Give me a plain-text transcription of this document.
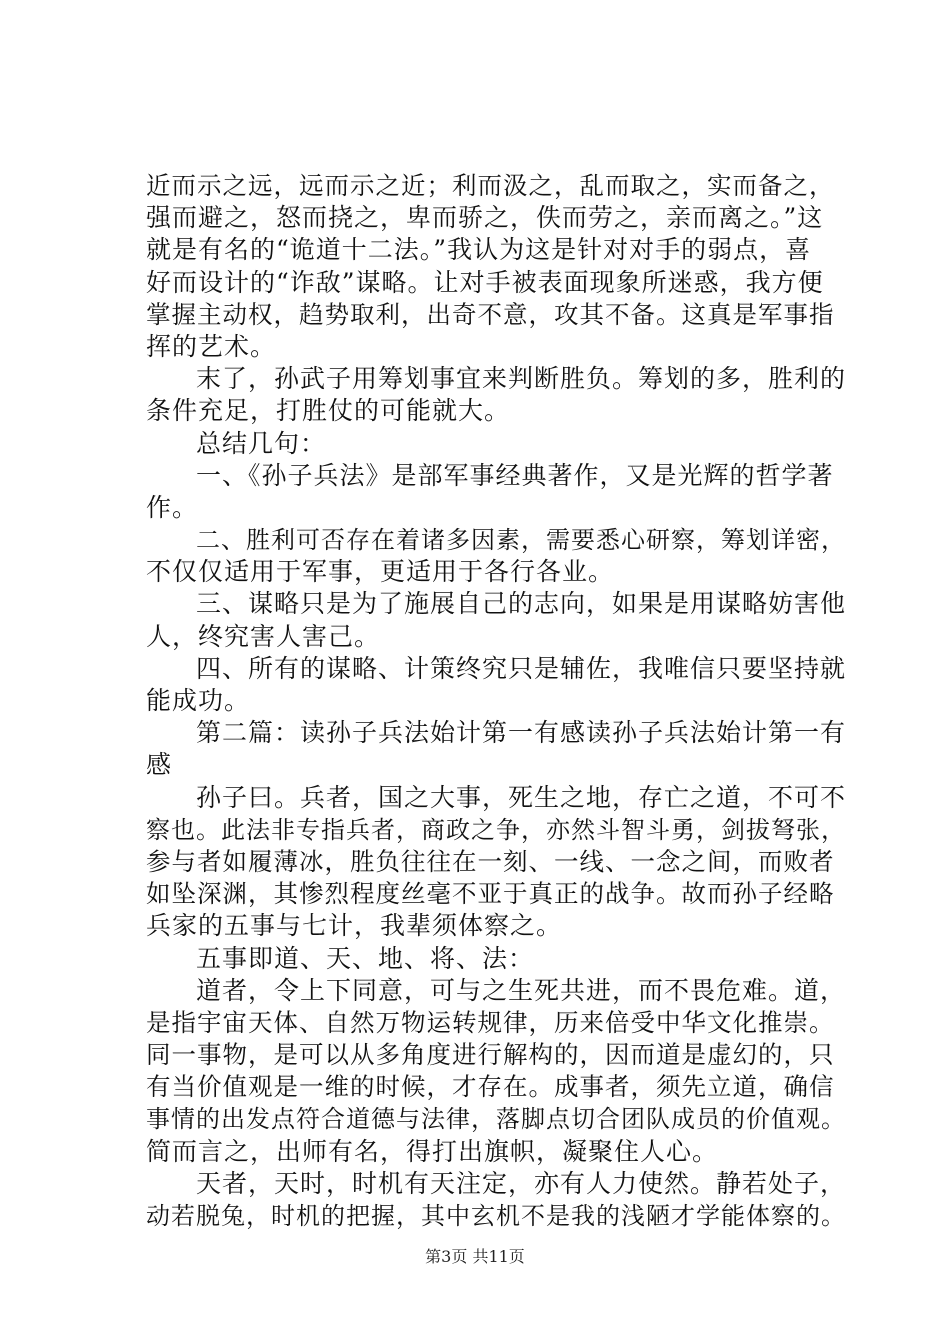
近而示之远，远而示之近；利而汲之，乱而取之，实而备之，
强而避之，怒而挠之，卑而骄之，佚而劳之，亲而离之。”这
就是有名的“诡道十二法。”我认为这是针对对手的弱点，喜
好而设计的“诈敌”谋略。让对手被表面现象所迷惑，我方便
掌握主动权，趋势取利，出奇不意，攻其不备。这真是军事指
挥的艺术。
末了，孙武子用筹划事宜来判断胜负。筹划的多，胜利的
条件充足，打胜仗的可能就大。
总结几句：
一、《孙子兵法》是部军事经典著作，又是光辉的哲学著
作。
二、胜利可否存在着诸多因素，需要悉心研察，筹划详密，
不仅仅适用于军事，更适用于各行各业。
三、谋略只是为了施展自己的志向，如果是用谋略妨害他
人，终究害人害己。
四、所有的谋略、计策终究只是辅佐，我唯信只要坚持就
能成功。
第二篇：读孙子兵法始计第一有感读孙子兵法始计第一有
感
孙子曰。兵者，国之大事，死生之地，存亡之道，不可不
察也。此法非专指兵者，商政之争，亦然斗智斗勇，剑拔弩张，
参与者如履薄冰，胜负往往在一刻、一线、一念之间，而败者
如坠深渊，其惨烈程度丝毫不亚于真正的战争。故而孙子经略
兵家的五事与七计，我辈须体察之。
五事即道、天、地、将、法：
道者，令上下同意，可与之生死共进，而不畏危难。道，
是指宇宙天体、自然万物运转规律，历来倍受中华文化推崇。
同一事物，是可以从多角度进行解构的，因而道是虚幻的，只
有当价值观是一维的时候，才存在。成事者，须先立道，确信
事情的出发点符合道德与法律，落脚点切合团队成员的价值观。
简而言之，出师有名，得打出旗帜，凝聚住人心。
天者，天时，时机有天注定，亦有人力使然。静若处子，
动若脱兔，时机的把握，其中玄机不是我的浅陋才学能体察的。
第3页 共11页
